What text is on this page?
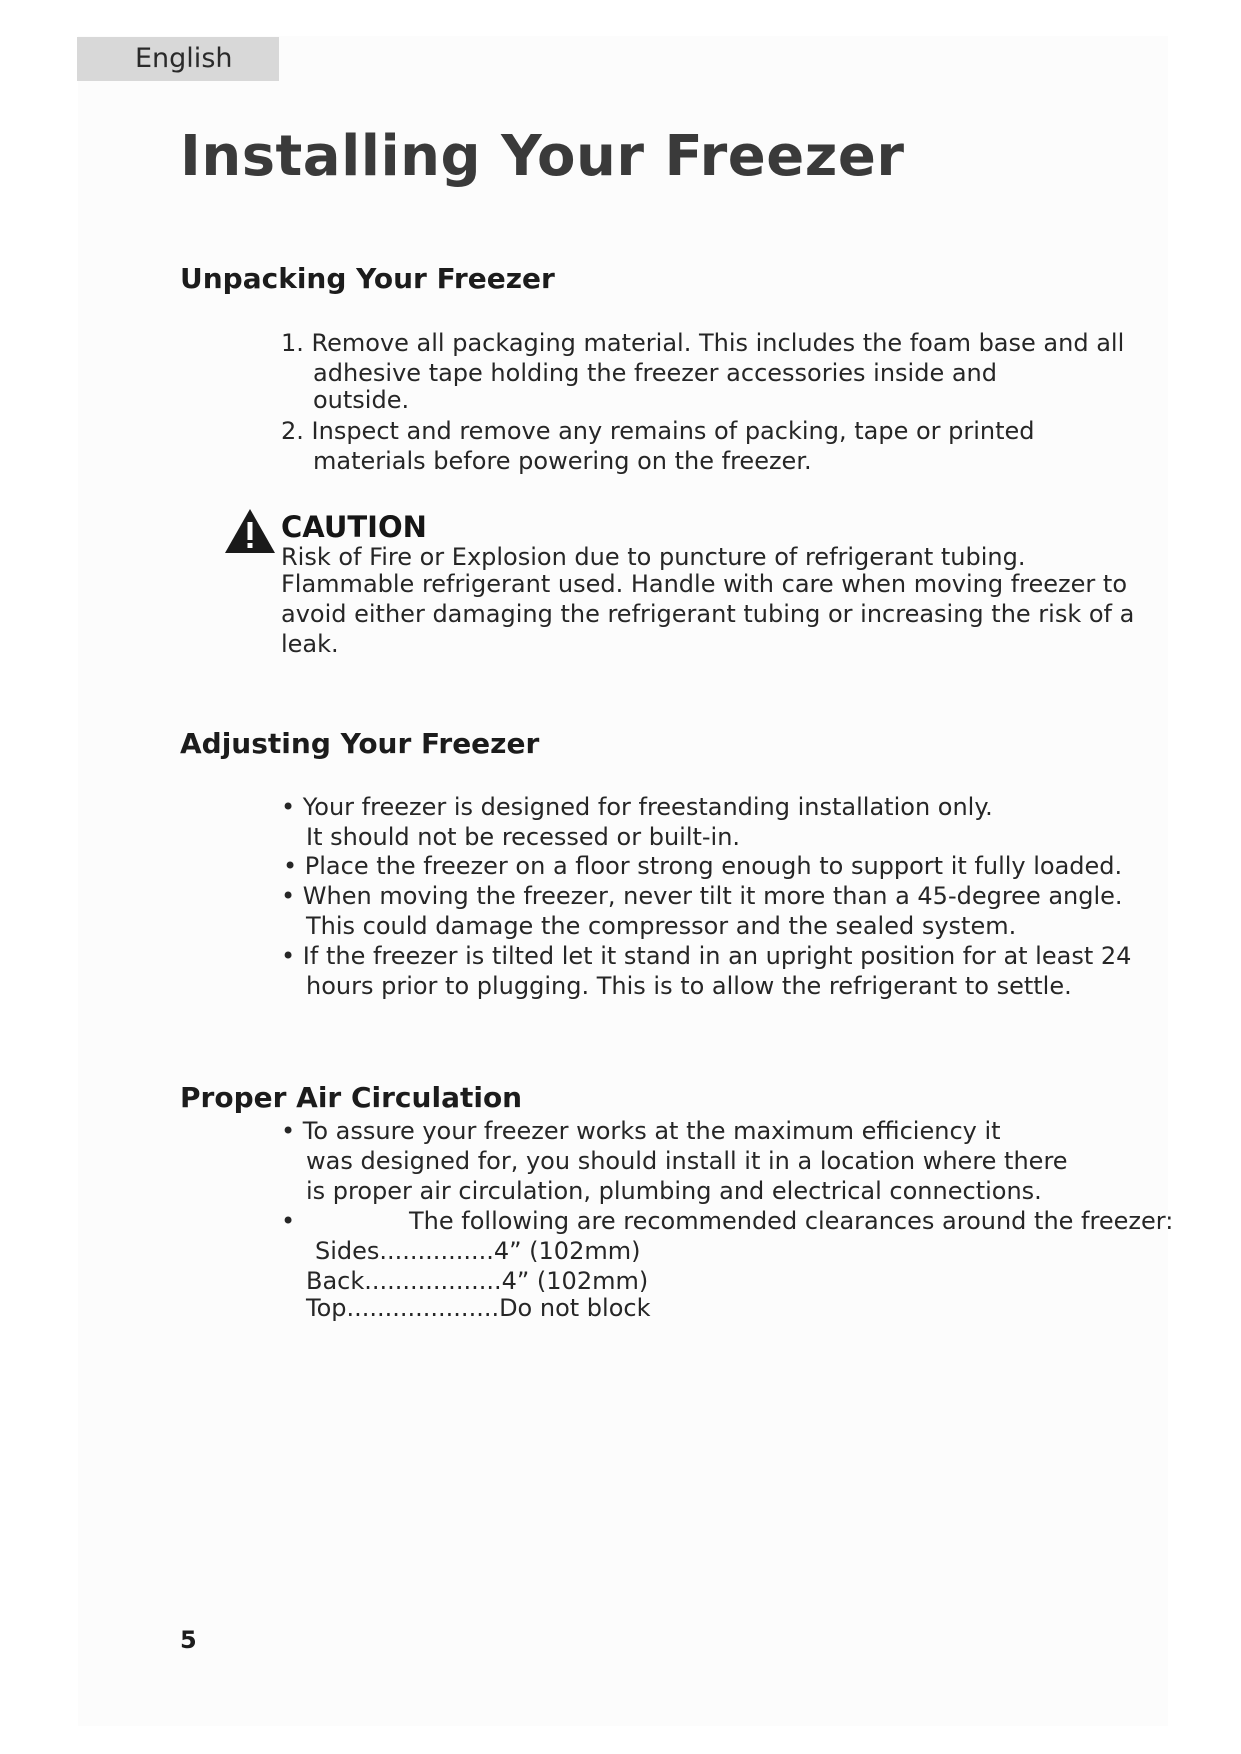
English
Installing Your Freezer
Unpacking Your Freezer
1. Remove all packaging material. This includes the foam base and all
adhesive tape holding the freezer accessories inside and
outside.
2. Inspect and remove any remains of packing, tape or printed
materials before powering on the freezer.
CAUTION
Risk of Fire or Explosion due to puncture of refrigerant tubing.
Flammable refrigerant used. Handle with care when moving freezer to
avoid either damaging the refrigerant tubing or increasing the risk of a
leak.
Adjusting Your Freezer
• Your freezer is designed for freestanding installation only.
It should not be recessed or built-in.
• Place the freezer on a floor strong enough to support it fully loaded.
• When moving the freezer, never tilt it more than a 45-degree angle.
This could damage the compressor and the sealed system.
• If the freezer is tilted let it stand in an upright position for at least 24
hours prior to plugging. This is to allow the refrigerant to settle.
Proper Air Circulation
• To assure your freezer works at the maximum efficiency it
was designed for, you should install it in a location where there
is proper air circulation, plumbing and electrical connections.
•	The following are recommended clearances around the freezer:
Sides...............4” (102mm)
Back..................4” (102mm)
Top....................Do not block
5
